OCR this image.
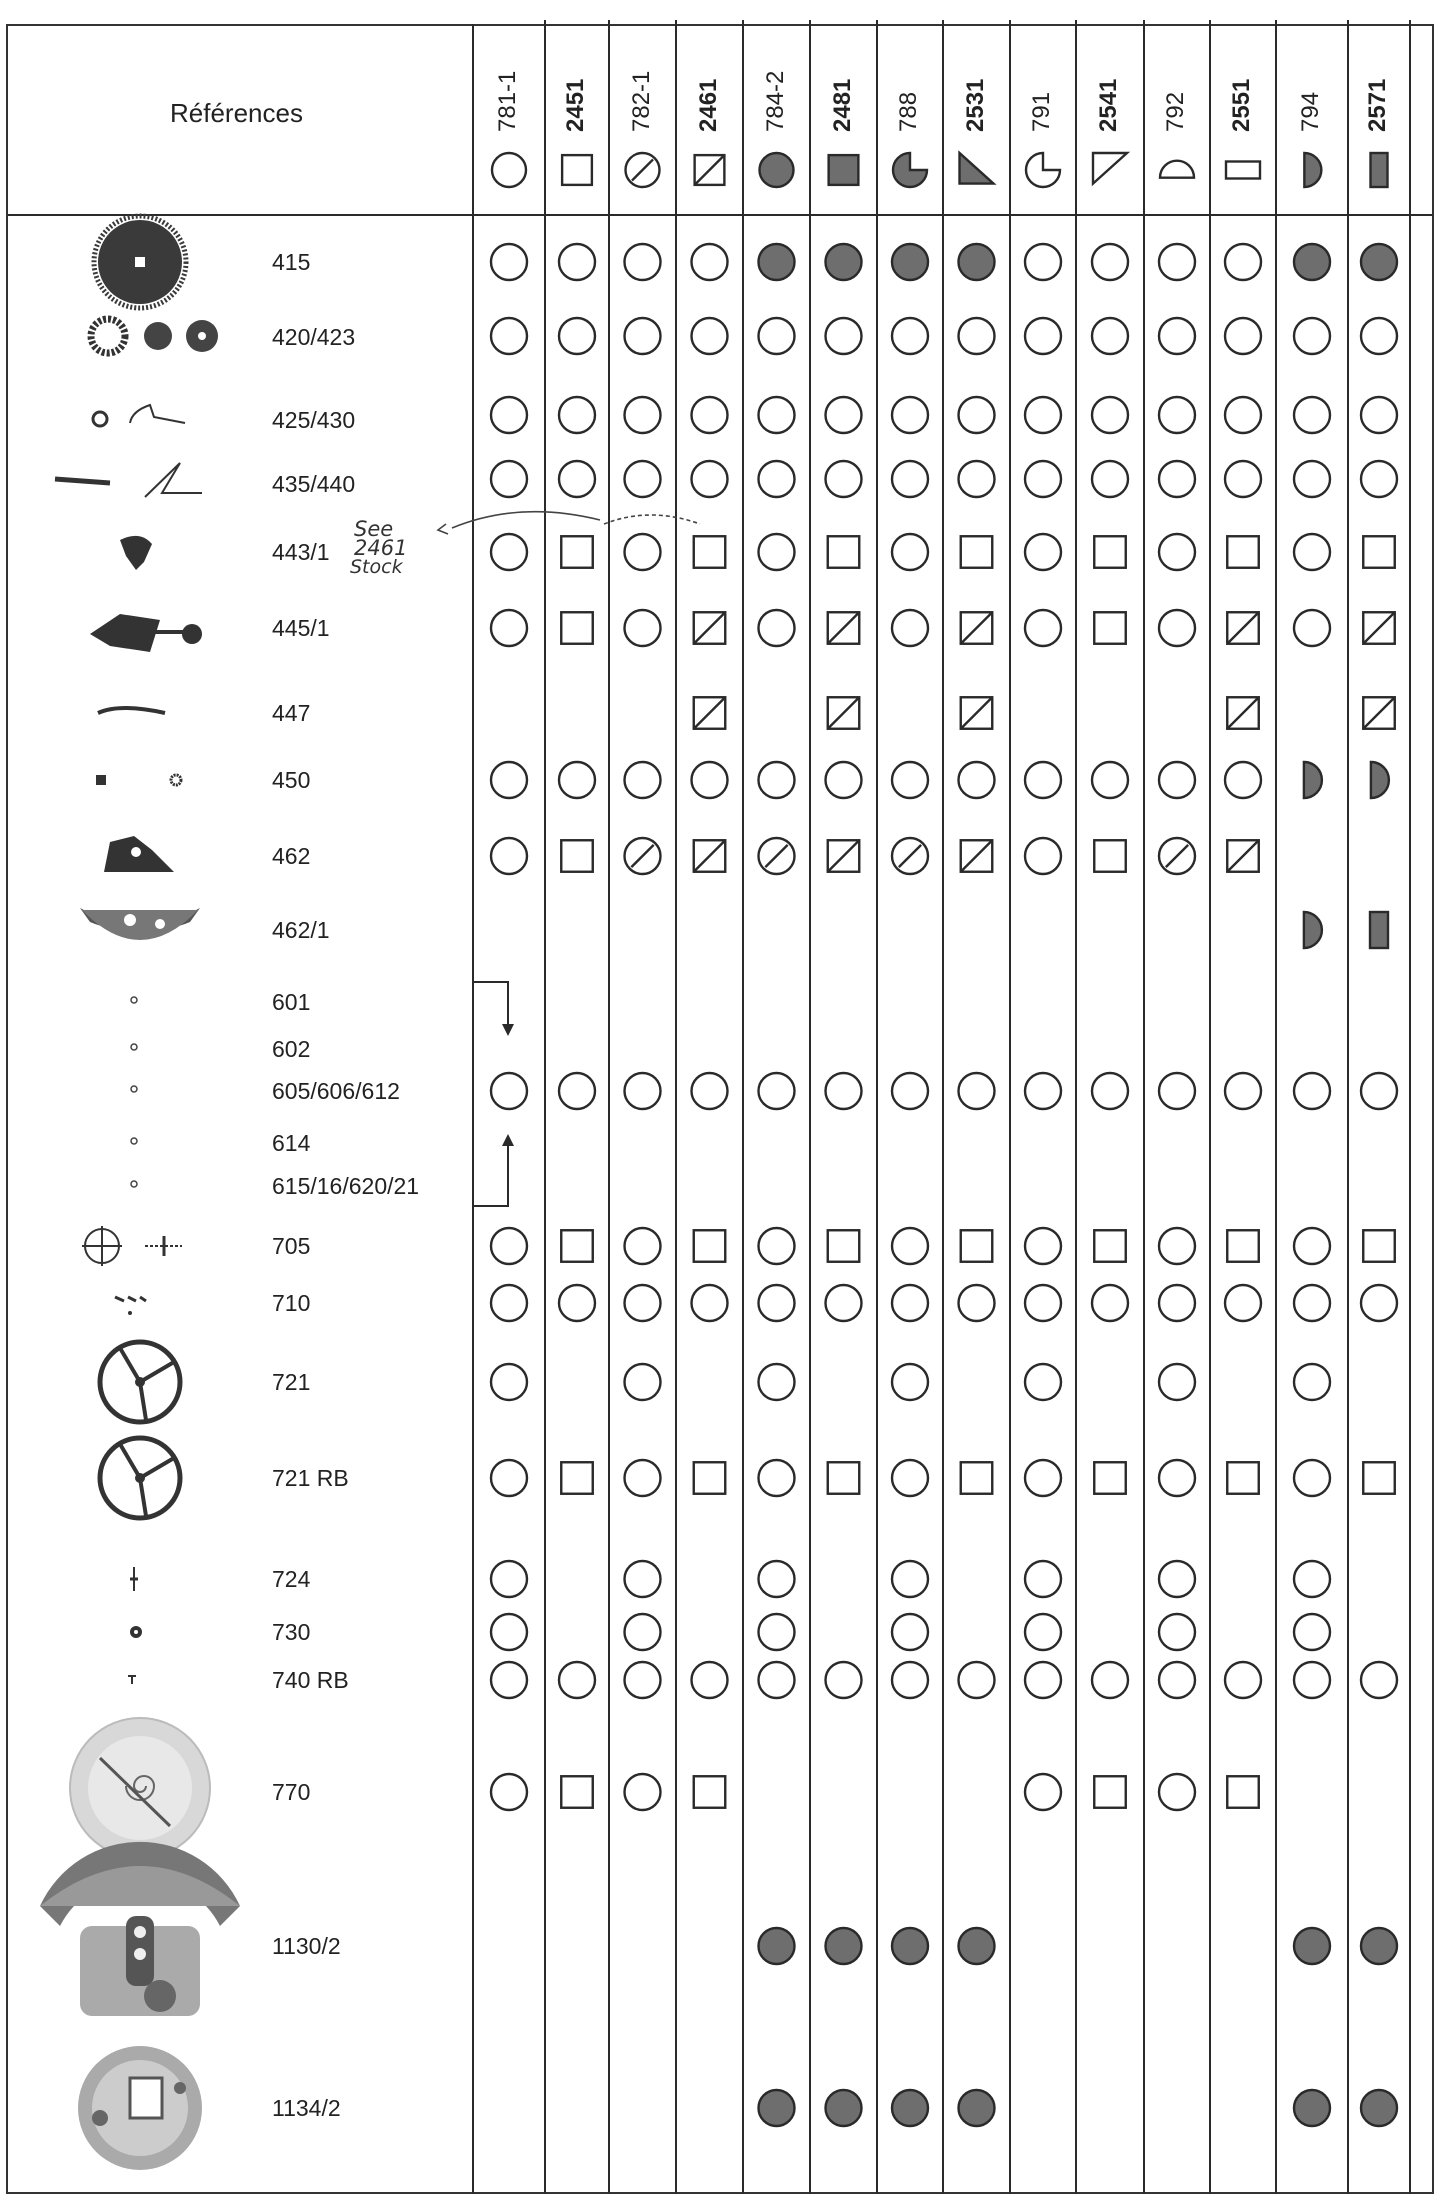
Références	781-1 2451 782-1 2461 784-2 2481 788 2531 791 2541 792 2551 794 2571
415
420/423
425/430
435/440
443/1
445/1
447
450
462
462/1
601
602
605/606/612
614
615/16/620/21
705
710
721
721 RB
724
730
740 RB
770
1130/2
1134/2
See
2461
Stock
